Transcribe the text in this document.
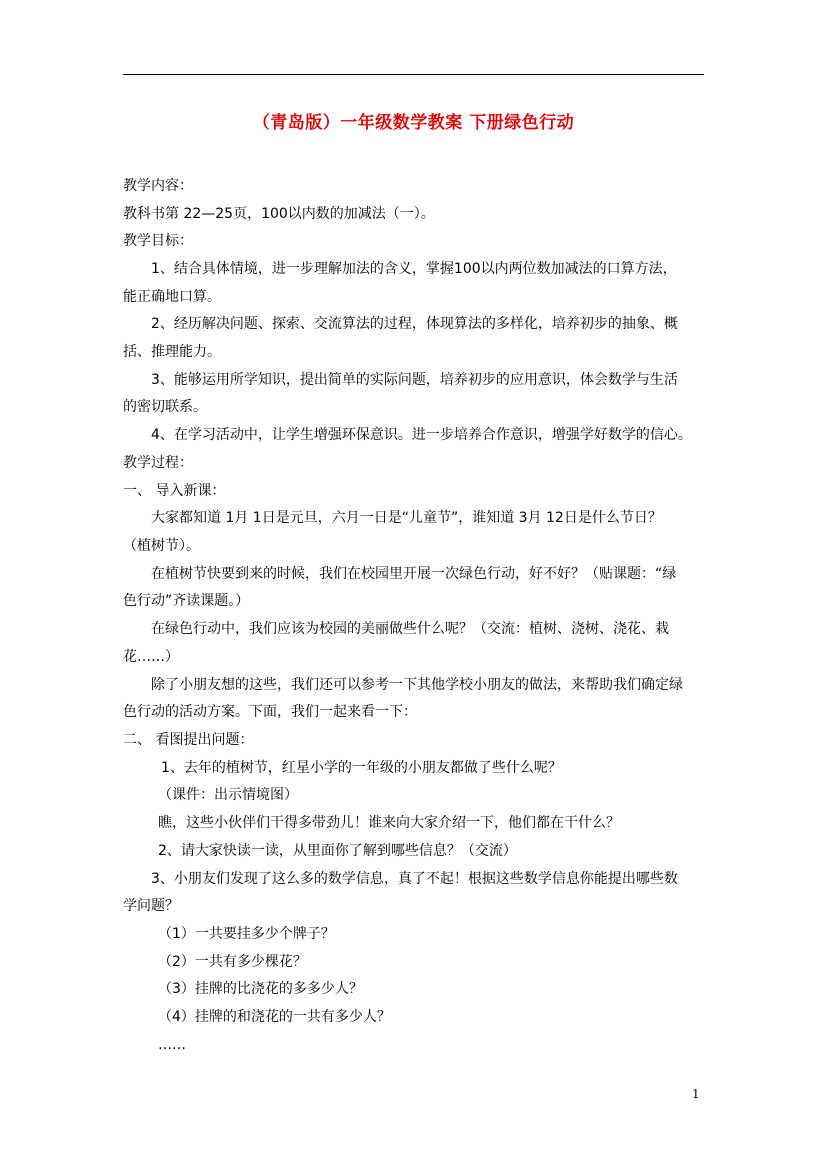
（青岛版）一年级数学教案 下册绿色行动
教学内容：
教科书第 22—25页，100以内数的加减法（一）。
教学目标：
1、结合具体情境，进一步理解加法的含义，掌握100以内两位数加减法的口算方法，
能正确地口算。
2、经历解决问题、探索、交流算法的过程，体现算法的多样化，培养初步的抽象、概
括、推理能力。
3、能够运用所学知识，提出简单的实际问题，培养初步的应用意识，体会数学与生活
的密切联系。
4、在学习活动中，让学生增强环保意识。进一步培养合作意识，增强学好数学的信心。
教学过程：
一、 导入新课：
大家都知道 1月 1日是元旦，六月一日是“儿童节”，谁知道 3月 12日是什么节日？
（植树节）。
在植树节快要到来的时候，我们在校园里开展一次绿色行动，好不好？（贴课题：“绿
色行动”齐读课题。）
在绿色行动中，我们应该为校园的美丽做些什么呢？（交流：植树、浇树、浇花、栽
花……）
除了小朋友想的这些，我们还可以参考一下其他学校小朋友的做法，来帮助我们确定绿
色行动的活动方案。下面，我们一起来看一下：
二、 看图提出问题：
1、去年的植树节，红星小学的一年级的小朋友都做了些什么呢？
（课件：出示情境图）
瞧，这些小伙伴们干得多带劲儿！谁来向大家介绍一下，他们都在干什么？
2、请大家快读一读，从里面你了解到哪些信息？（交流）
3、小朋友们发现了这么多的数学信息，真了不起！根据这些数学信息你能提出哪些数
学问题？
（1）一共要挂多少个牌子？
（2）一共有多少棵花？
（3）挂牌的比浇花的多多少人？
（4）挂牌的和浇花的一共有多少人？
……
1
